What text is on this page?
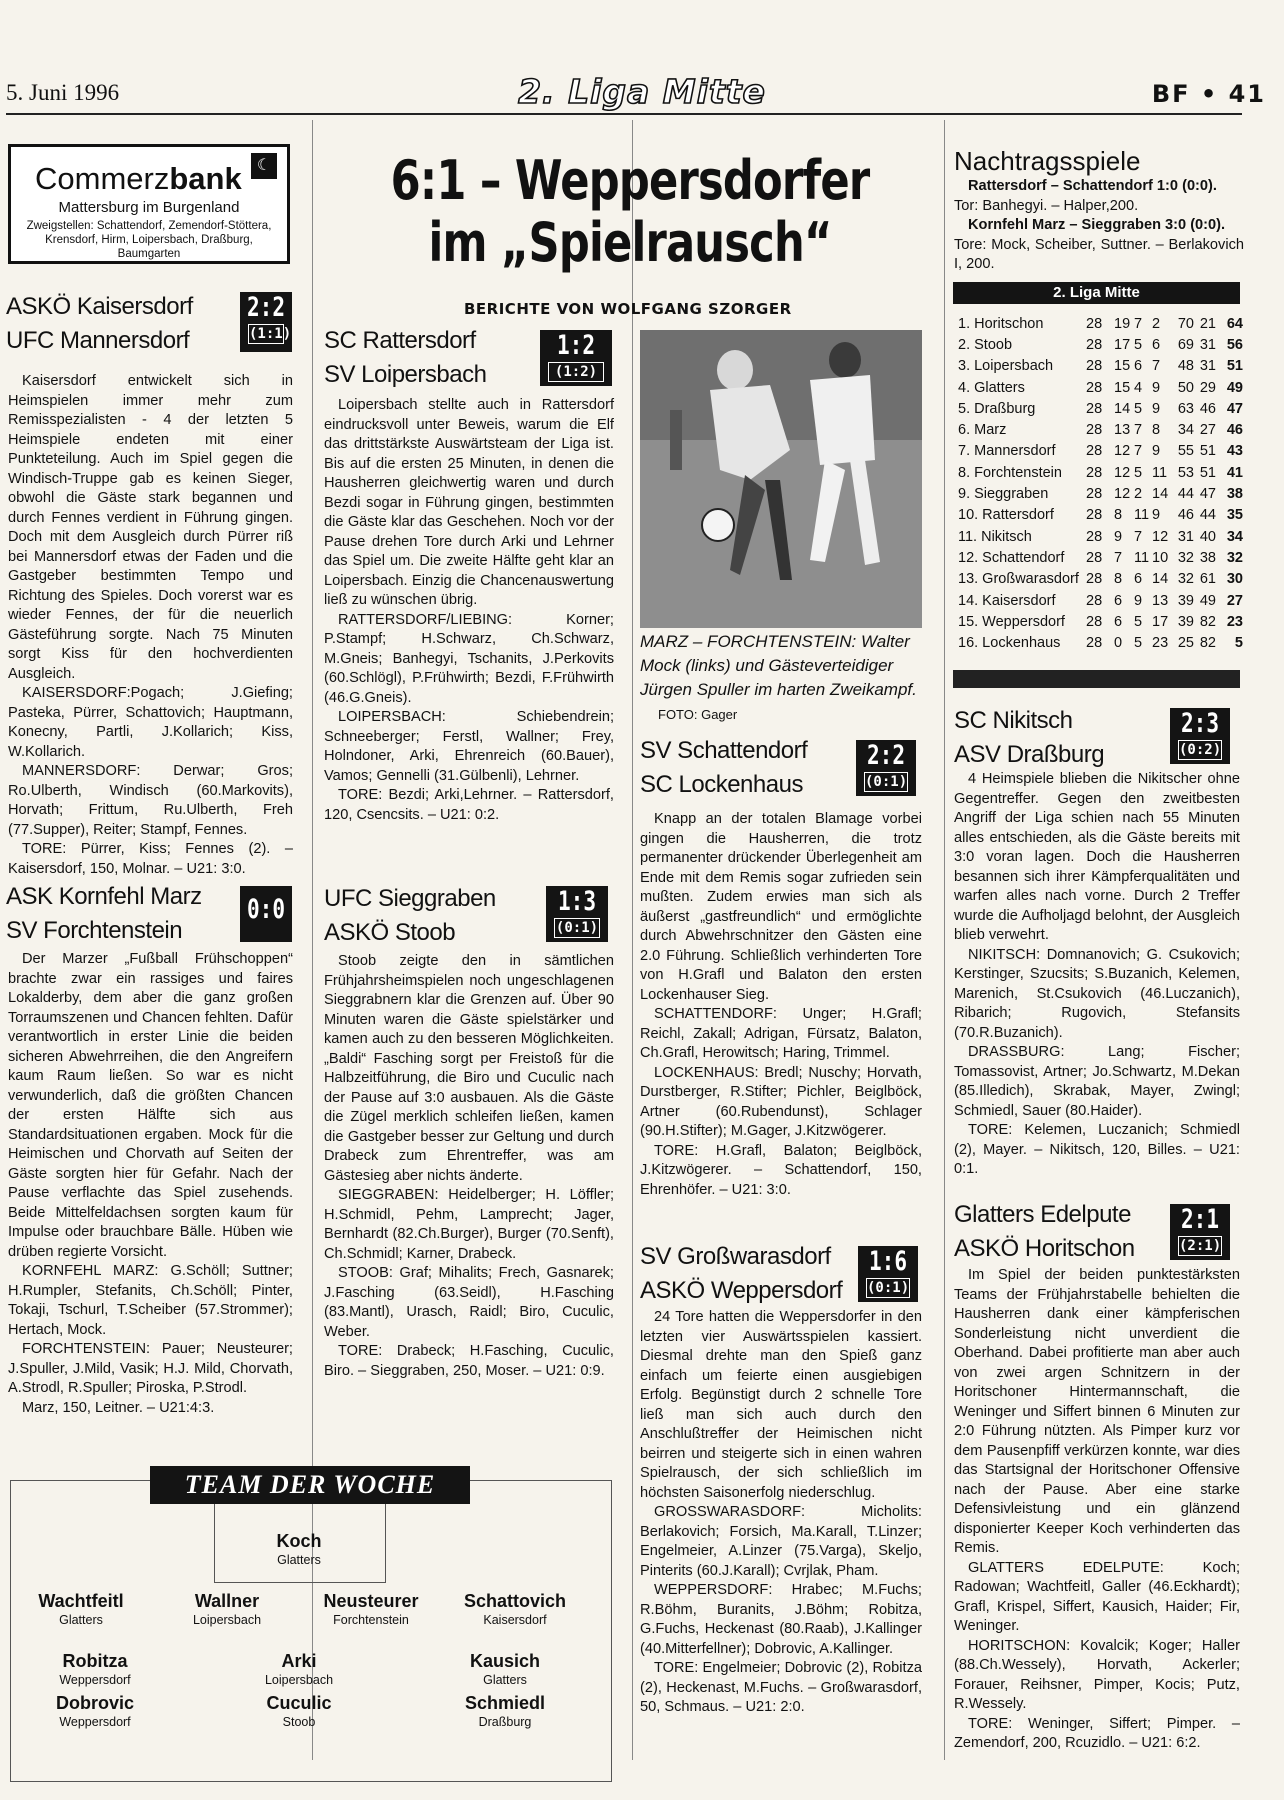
5. Juni 1996	2. Liga Mitte	BF • 41
Commerzbank ☾
Mattersburg im Burgenland
Zweigstellen: Schattendorf, Zemendorf-Stöttera, Krensdorf, Hirm, Loipersbach, Draßburg, Baumgarten
ASKÖ Kaisersdorf
UFC Mannersdorf
2:2
(1:1)

Kaisersdorf entwickelt sich in Heimspielen immer mehr zum Remisspezialisten - 4 der letzten 5 Heimspiele endeten mit einer Punkteteilung. Auch im Spiel gegen die Windisch-Truppe gab es keinen Sieger, obwohl die Gäste stark begannen und durch Fennes verdient in Führung gingen. Doch mit dem Ausgleich durch Pürrer riß bei Mannersdorf etwas der Faden und die Gastgeber bestimmten Tempo und Richtung des Spieles. Doch vorerst war es wieder Fennes, der für die neuerlich Gästeführung sorgte. Nach 75 Minuten sorgt Kiss für den hochverdienten Ausgleich.

KAISERSDORF:Pogach; J.Giefing; Pasteka, Pürrer, Schattovich; Hauptmann, Konecny, Partli, J.Kollarich; Kiss, W.Kollarich.

MANNERSDORF: Derwar; Gros; Ro.Ulberth, Windisch (60.Markovits), Horvath; Frittum, Ru.Ulberth, Freh (77.Supper), Reiter; Stampf, Fennes.

TORE: Pürrer, Kiss; Fennes (2). – Kaisersdorf, 150, Molnar. – U21: 3:0.

ASK Kornfehl Marz
SV Forchtenstein
0:0

Der Marzer „Fußball Frühschoppen“ brachte zwar ein rassiges und faires Lokalderby, dem aber die ganz großen Torraumszenen und Chancen fehlten. Dafür verantwortlich in erster Linie die beiden sicheren Abwehrreihen, die den Angreifern kaum Raum ließen. So war es nicht verwunderlich, daß die größten Chancen der ersten Hälfte sich aus Standardsituationen ergaben. Mock für die Heimischen und Chorvath auf Seiten der Gäste sorgten hier für Gefahr. Nach der Pause verflachte das Spiel zusehends. Beide Mittelfeldachsen sorgten kaum für Impulse oder brauchbare Bälle. Hüben wie drüben regierte Vorsicht.

KORNFEHL MARZ: G.Schöll; Suttner; H.Rumpler, Stefanits, Ch.Schöll; Pinter, Tokaji, Tschurl, T.Scheiber (57.Strommer); Hertach, Mock.

FORCHTENSTEIN: Pauer; Neusteurer; J.Spuller, J.Mild, Vasik; H.J. Mild, Chorvath, A.Strodl, R.Spuller; Piroska, P.Strodl.

Marz, 150, Leitner. – U21:4:3.

6:1 – Weppersdorfer
im „Spielrausch“
BERICHTE VON WOLFGANG SZORGER
SC Rattersdorf
SV Loipersbach
1:2
(1:2)

Loipersbach stellte auch in Rattersdorf eindrucksvoll unter Beweis, warum die Elf das drittstärkste Auswärtsteam der Liga ist. Bis auf die ersten 25 Minuten, in denen die Hausherren gleichwertig waren und durch Bezdi sogar in Führung gingen, bestimmten die Gäste klar das Geschehen. Noch vor der Pause drehen Tore durch Arki und Lehrner das Spiel um. Die zweite Hälfte geht klar an Loipersbach. Einzig die Chancenauswertung ließ zu wünschen übrig.

RATTERSDORF/LIEBING: Korner; P.Stampf; H.Schwarz, Ch.Schwarz, M.Gneis; Banhegyi, Tschanits, J.Perkovits (60.Schlögl), P.Frühwirth; Bezdi, F.Frühwirth (46.G.Gneis).

LOIPERSBACH: Schiebendrein; Schneeberger; Ferstl, Wallner; Frey, Holndoner, Arki, Ehrenreich (60.Bauer), Vamos; Gennelli (31.Gülbenli), Lehrner.

TORE: Bezdi; Arki,Lehrner. – Rattersdorf, 120, Csencsits. – U21: 0:2.

UFC Sieggraben
ASKÖ Stoob
1:3
(0:1)

Stoob zeigte den in sämtlichen Frühjahrsheimspielen noch ungeschlagenen Sieggrabnern klar die Grenzen auf. Über 90 Minuten waren die Gäste spielstärker und kamen auch zu den besseren Möglichkeiten. „Baldi“ Fasching sorgt per Freistoß für die Halbzeitführung, die Biro und Cuculic nach der Pause auf 3:0 ausbauen. Als die Gäste die Zügel merklich schleifen ließen, kamen die Gastgeber besser zur Geltung und durch Drabeck zum Ehrentreffer, was am Gästesieg aber nichts änderte.

SIEGGRABEN: Heidelberger; H. Löffler; H.Schmidl, Pehm, Lamprecht; Jager, Bernhardt (82.Ch.Burger), Burger (70.Senft), Ch.Schmidl; Karner, Drabeck.

STOOB: Graf; Mihalits; Frech, Gasnarek; J.Fasching (63.Seidl), H.Fasching (83.Mantl), Urasch, Raidl; Biro, Cuculic, Weber.

TORE: Drabeck; H.Fasching, Cuculic, Biro. – Sieggraben, 250, Moser. – U21: 0:9.

TEAM DER WOCHE
Koch
Glatters
Wachtfeitl
Glatters
Wallner
Loipersbach
Neusteurer
Forchtenstein
Schattovich
Kaisersdorf
Robitza
Weppersdorf
Arki
Loipersbach
Kausich
Glatters
Dobrovic
Weppersdorf
Cuculic
Stoob
Schmiedl
Draßburg
MARZ – FORCHTENSTEIN: Walter Mock (links) und Gästeverteidiger Jürgen Spuller im harten Zweikampf. FOTO: Gager
SV Schattendorf
SC Lockenhaus
2:2
(0:1)

Knapp an der totalen Blamage vorbei gingen die Hausherren, die trotz permanenter drückender Überlegenheit am Ende mit dem Remis sogar zufrieden sein mußten. Zudem erwies man sich als äußerst „gastfreundlich“ und ermöglichte durch Abwehrschnitzer den Gästen eine 2.0 Führung. Schließlich verhinderten Tore von H.Grafl und Balaton den ersten Lockenhauser Sieg.

SCHATTENDORF: Unger; H.Grafl; Reichl, Zakall; Adrigan, Fürsatz, Balaton, Ch.Grafl, Herowitsch; Haring, Trimmel.

LOCKENHAUS: Bredl; Nuschy; Horvath, Durstberger, R.Stifter; Pichler, Beiglböck, Artner (60.Rubendunst), Schlager (90.H.Stifter); M.Gager, J.Kitzwögerer.

TORE: H.Grafl, Balaton; Beiglböck, J.Kitzwögerer. – Schattendorf, 150, Ehrenhöfer. – U21: 3:0.

SV Großwarasdorf
ASKÖ Weppersdorf
1:6
(0:1)

24 Tore hatten die Weppersdorfer in den letzten vier Auswärtsspielen kassiert. Diesmal drehte man den Spieß ganz einfach um feierte einen ausgiebigen Erfolg. Begünstigt durch 2 schnelle Tore ließ man sich auch durch den Anschlußtreffer der Heimischen nicht beirren und steigerte sich in einen wahren Spielrausch, der sich schließlich im höchsten Saisonerfolg niederschlug.

GROSSWARASDORF: Micholits: Berlakovich; Forsich, Ma.Karall, T.Linzer; Engelmeier, A.Linzer (75.Varga), Skeljo, Pinterits (60.J.Karall); Cvrjlak, Pham.

WEPPERSDORF: Hrabec; M.Fuchs; R.Böhm, Buranits, J.Böhm; Robitza, G.Fuchs, Heckenast (80.Raab), J.Kallinger (40.Mitterfellner); Dobrovic, A.Kallinger.

TORE: Engelmeier; Dobrovic (2), Robitza (2), Heckenast, M.Fuchs. – Großwarasdorf, 50, Schmaus. – U21: 2:0.

Nachtragsspiele
Rattersdorf – Schattendorf 1:0 (0:0).
Tor: Banhegyi. – Halper,200.
Kornfehl Marz – Sieggraben 3:0 (0:0).
Tore: Mock, Scheiber, Suttner. – Berlakovich I, 200.
2. Liga Mitte
1. Horitschon	28 19 7 2	70 21 64
2. Stoob	28 17 5 6	69 31 56
3. Loipersbach	28 15 6 7	48 31 51
4. Glatters	28 15 4 9	50 29 49
5. Draßburg	28 14 5 9	63 46 47
6. Marz	28 13 7 8	34 27 46
7. Mannersdorf	28 12 7 9	55 51 43
8. Forchtenstein	28 12 5 11 53 51 41
9. Sieggraben	28 12 2 14 44 47 38
10. Rattersdorf	28 8 11 9	46 44 35
11. Nikitsch	28 9 7 12 31 40 34
12. Schattendorf	28 7 11 10 32 38 32
13. Großwarasdorf 28 8 6 14 32 61 30
14. Kaisersdorf	28 6 9 13 39 49 27
15. Weppersdorf	28 6 5 17 39 82 23
16. Lockenhaus	28 0 5 23 25 82	5
SC Nikitsch
ASV Draßburg
2:3
(0:2)

4 Heimspiele blieben die Nikitscher ohne Gegentreffer. Gegen den zweitbesten Angriff der Liga schien nach 55 Minuten alles entschieden, als die Gäste bereits mit 3:0 voran lagen. Doch die Hausherren besannen sich ihrer Kämpferqualitäten und warfen alles nach vorne. Durch 2 Treffer wurde die Aufholjagd belohnt, der Ausgleich blieb verwehrt.

NIKITSCH: Domnanovich; G. Csukovich; Kerstinger, Szucsits; S.Buzanich, Kelemen, Marenich, St.Csukovich (46.Luczanich), Ribarich; Rugovich, Stefansits (70.R.Buzanich).

DRASSBURG: Lang; Fischer; Tomassovist, Artner; Jo.Schwartz, M.Dekan (85.Illedich), Skrabak, Mayer, Zwingl; Schmiedl, Sauer (80.Haider).

TORE: Kelemen, Luczanich; Schmiedl (2), Mayer. – Nikitsch, 120, Billes. – U21: 0:1.

Glatters Edelpute
ASKÖ Horitschon
2:1
(2:1)

Im Spiel der beiden punktestärksten Teams der Frühjahrstabelle behielten die Hausherren dank einer kämpferischen Sonderleistung nicht unverdient die Oberhand. Dabei profitierte man aber auch von zwei argen Schnitzern in der Horitschoner Hintermannschaft, die Weninger und Siffert binnen 6 Minuten zur 2:0 Führung nützten. Als Pimper kurz vor dem Pausenpfiff verkürzen konnte, war dies das Startsignal der Horitschoner Offensive nach der Pause. Aber eine starke Defensivleistung und ein glänzend disponierter Keeper Koch verhinderten das Remis.

GLATTERS EDELPUTE: Koch; Radowan; Wachtfeitl, Galler (46.Eckhardt); Grafl, Krispel, Siffert, Kausich, Haider; Fir, Weninger.

HORITSCHON: Kovalcik; Koger; Haller (88.Ch.Wessely), Horvath, Ackerler; Forauer, Reihsner, Pimper, Kocis; Putz, R.Wessely.

TORE: Weninger, Siffert; Pimper. – Zemendorf, 200, Rcuzidlo. – U21: 6:2.
